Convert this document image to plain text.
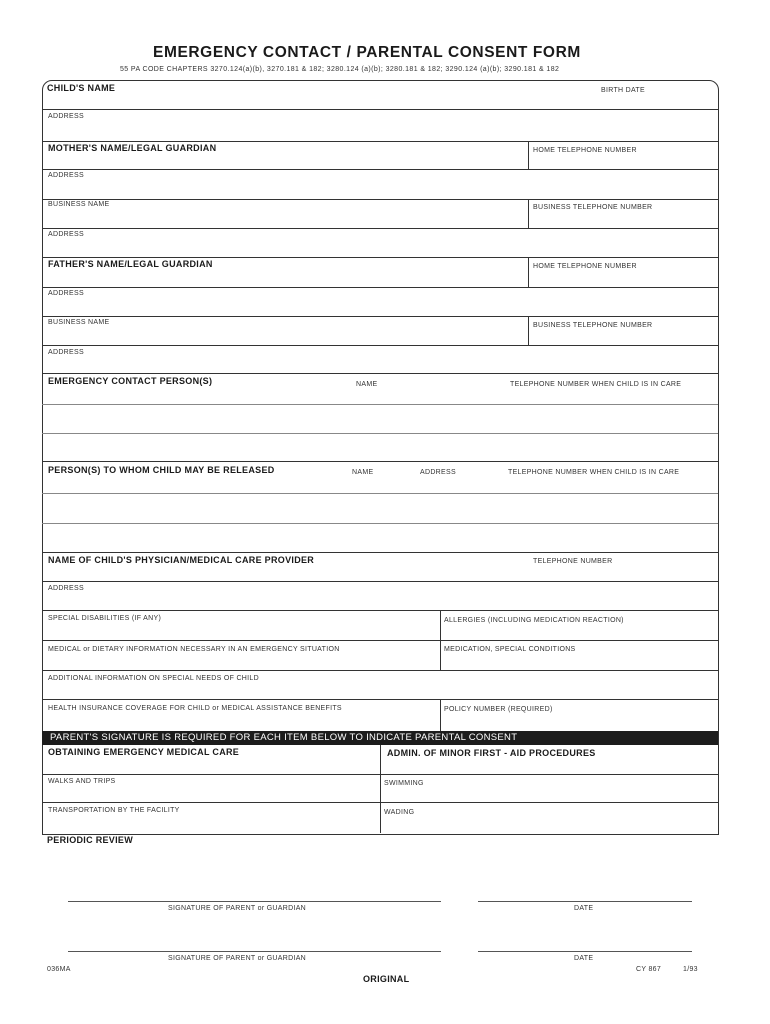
EMERGENCY CONTACT / PARENTAL CONSENT FORM
55 PA CODE CHAPTERS 3270.124(a)(b), 3270.181 & 182; 3280.124 (a)(b); 3280.181 & 182; 3290.124 (a)(b); 3290.181 & 182
PARENT'S SIGNATURE IS REQUIRED FOR EACH ITEM BELOW TO INDICATE PARENTAL CONSENT
CHILD'S NAME	BIRTH DATE
ADDRESS
MOTHER'S NAME/LEGAL GUARDIAN	HOME TELEPHONE NUMBER
ADDRESS
BUSINESS NAME	BUSINESS TELEPHONE NUMBER
ADDRESS
FATHER'S NAME/LEGAL GUARDIAN	HOME TELEPHONE NUMBER
ADDRESS
BUSINESS NAME	BUSINESS TELEPHONE NUMBER
ADDRESS
EMERGENCY CONTACT PERSON(S)	NAME	TELEPHONE NUMBER WHEN CHILD IS IN CARE
PERSON(S) TO WHOM CHILD MAY BE RELEASED	NAME	ADDRESS	TELEPHONE NUMBER WHEN CHILD IS IN CARE
NAME OF CHILD'S PHYSICIAN/MEDICAL CARE PROVIDER	TELEPHONE NUMBER
ADDRESS
SPECIAL DISABILITIES (IF ANY)	ALLERGIES (INCLUDING MEDICATION REACTION)
MEDICAL or DIETARY INFORMATION NECESSARY IN AN EMERGENCY SITUATION	MEDICATION, SPECIAL CONDITIONS
ADDITIONAL INFORMATION ON SPECIAL NEEDS OF CHILD
HEALTH INSURANCE COVERAGE FOR CHILD or MEDICAL ASSISTANCE BENEFITS	POLICY NUMBER (REQUIRED)
OBTAINING EMERGENCY MEDICAL CARE	ADMIN. OF MINOR FIRST - AID PROCEDURES
WALKS AND TRIPS	SWIMMING
TRANSPORTATION BY THE FACILITY	WADING
PERIODIC REVIEW
SIGNATURE OF PARENT or GUARDIAN	DATE
SIGNATURE OF PARENT or GUARDIAN	DATE
036MA
ORIGINAL
CY 867	1/93
